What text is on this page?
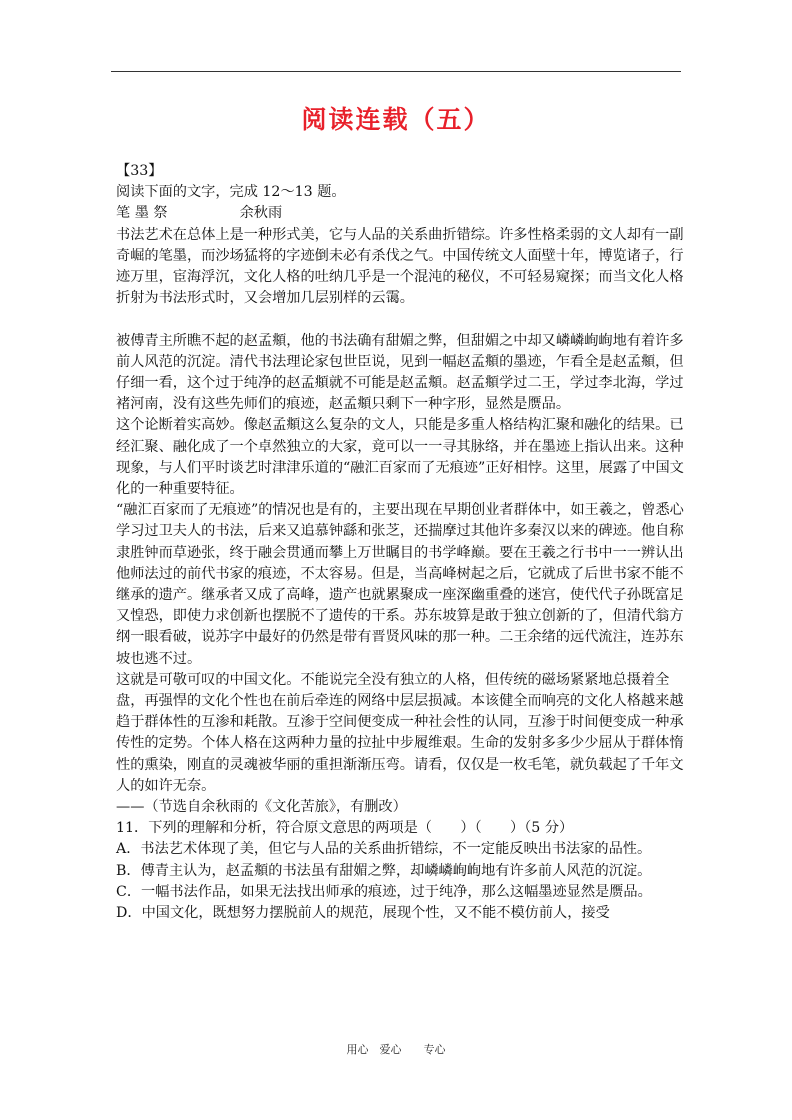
阅读连载（五）

【33】

阅读下面的文字，完成 12～13 题。

笔 墨 祭	余秋雨

书法艺术在总体上是一种形式美，它与人品的关系曲折错综。许多性格柔弱的文人却有一副奇崛的笔墨，而沙场猛将的字迹倒未必有杀伐之气。中国传统文人面壁十年，博览诸子，行迹万里，宦海浮沉，文化人格的吐纳几乎是一个混沌的秘仪，不可轻易窥探；而当文化人格折射为书法形式时，又会增加几层别样的云霭。

被傅青主所瞧不起的赵孟頫，他的书法确有甜媚之弊，但甜媚之中却又嶙嶙峋峋地有着许多前人风范的沉淀。清代书法理论家包世臣说，见到一幅赵孟頫的墨迹，乍看全是赵孟頫，但仔细一看，这个过于纯净的赵孟頫就不可能是赵孟頫。赵孟頫学过二王，学过李北海，学过褚河南，没有这些先师们的痕迹，赵孟頫只剩下一种字形，显然是赝品。

这个论断着实高妙。像赵孟頫这么复杂的文人，只能是多重人格结构汇聚和融化的结果。已经汇聚、融化成了一个卓然独立的大家，竟可以一一寻其脉络，并在墨迹上指认出来。这种现象，与人们平时谈艺时津津乐道的“融汇百家而了无痕迹”正好相悖。这里，展露了中国文化的一种重要特征。

“融汇百家而了无痕迹”的情况也是有的，主要出现在早期创业者群体中，如王羲之，曾悉心学习过卫夫人的书法，后来又追慕钟繇和张芝，还揣摩过其他许多秦汉以来的碑迹。他自称隶胜钟而草逊张，终于融会贯通而攀上万世瞩目的书学峰巅。要在王羲之行书中一一辨认出他师法过的前代书家的痕迹，不太容易。但是，当高峰树起之后，它就成了后世书家不能不继承的遗产。继承者又成了高峰，遗产也就累聚成一座深幽重叠的迷宫，使代代子孙既富足又惶恐，即使力求创新也摆脱不了遗传的干系。苏东坡算是敢于独立创新的了，但清代翁方纲一眼看破，说苏字中最好的仍然是带有晋贤风味的那一种。二王余绪的远代流注，连苏东坡也逃不过。

这就是可敬可叹的中国文化。不能说完全没有独立的人格，但传统的磁场紧紧地总摄着全盘，再强悍的文化个性也在前后牵连的网络中层层损减。本该健全而响亮的文化人格越来越趋于群体性的互渗和耗散。互渗于空间便变成一种社会性的认同，互渗于时间便变成一种承传性的定势。个体人格在这两种力量的拉扯中步履维艰。生命的发射多多少少屈从于群体惰性的熏染，刚直的灵魂被华丽的重担渐渐压弯。请看，仅仅是一枚毛笔，就负载起了千年文人的如许无奈。

——（节选自余秋雨的《文化苦旅》，有删改）

11．下列的理解和分析，符合原文意思的两项是（　　）（　　）（5 分）

A．书法艺术体现了美，但它与人品的关系曲折错综，不一定能反映出书法家的品性。

B．傅青主认为，赵孟頫的书法虽有甜媚之弊，却嶙嶙峋峋地有许多前人风范的沉淀。

C．一幅书法作品，如果无法找出师承的痕迹，过于纯净，那么这幅墨迹显然是赝品。

D．中国文化，既想努力摆脱前人的规范，展现个性，又不能不模仿前人，接受

用心　爱心　　专心
